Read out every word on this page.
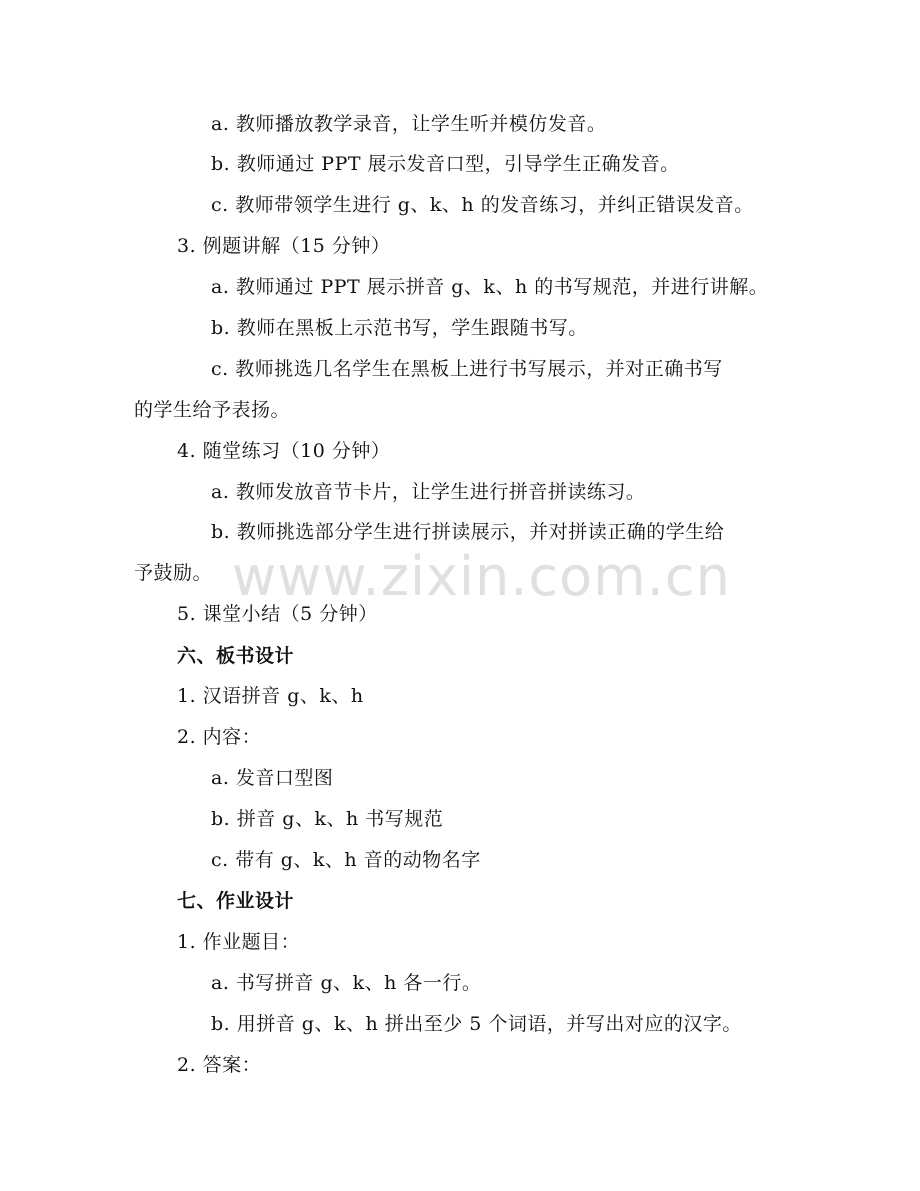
a. 教师播放教学录音，让学生听并模仿发音。
b. 教师通过 PPT 展示发音口型，引导学生正确发音。
c. 教师带领学生进行 g、k、h 的发音练习，并纠正错误发音。
3. 例题讲解（15 分钟）
a. 教师通过 PPT 展示拼音 g、k、h 的书写规范，并进行讲解。
b. 教师在黑板上示范书写，学生跟随书写。
c. 教师挑选几名学生在黑板上进行书写展示，并对正确书写
的学生给予表扬。
4. 随堂练习（10 分钟）
a. 教师发放音节卡片，让学生进行拼音拼读练习。
b. 教师挑选部分学生进行拼读展示，并对拼读正确的学生给
予鼓励。
5. 课堂小结（5 分钟）
六、板书设计
1. 汉语拼音 g、k、h
2. 内容：
a. 发音口型图
b. 拼音 g、k、h 书写规范
c. 带有 g、k、h 音的动物名字
七、作业设计
1. 作业题目：
a. 书写拼音 g、k、h 各一行。
b. 用拼音 g、k、h 拼出至少 5 个词语，并写出对应的汉字。
2. 答案：
www.zixin.com.cn
